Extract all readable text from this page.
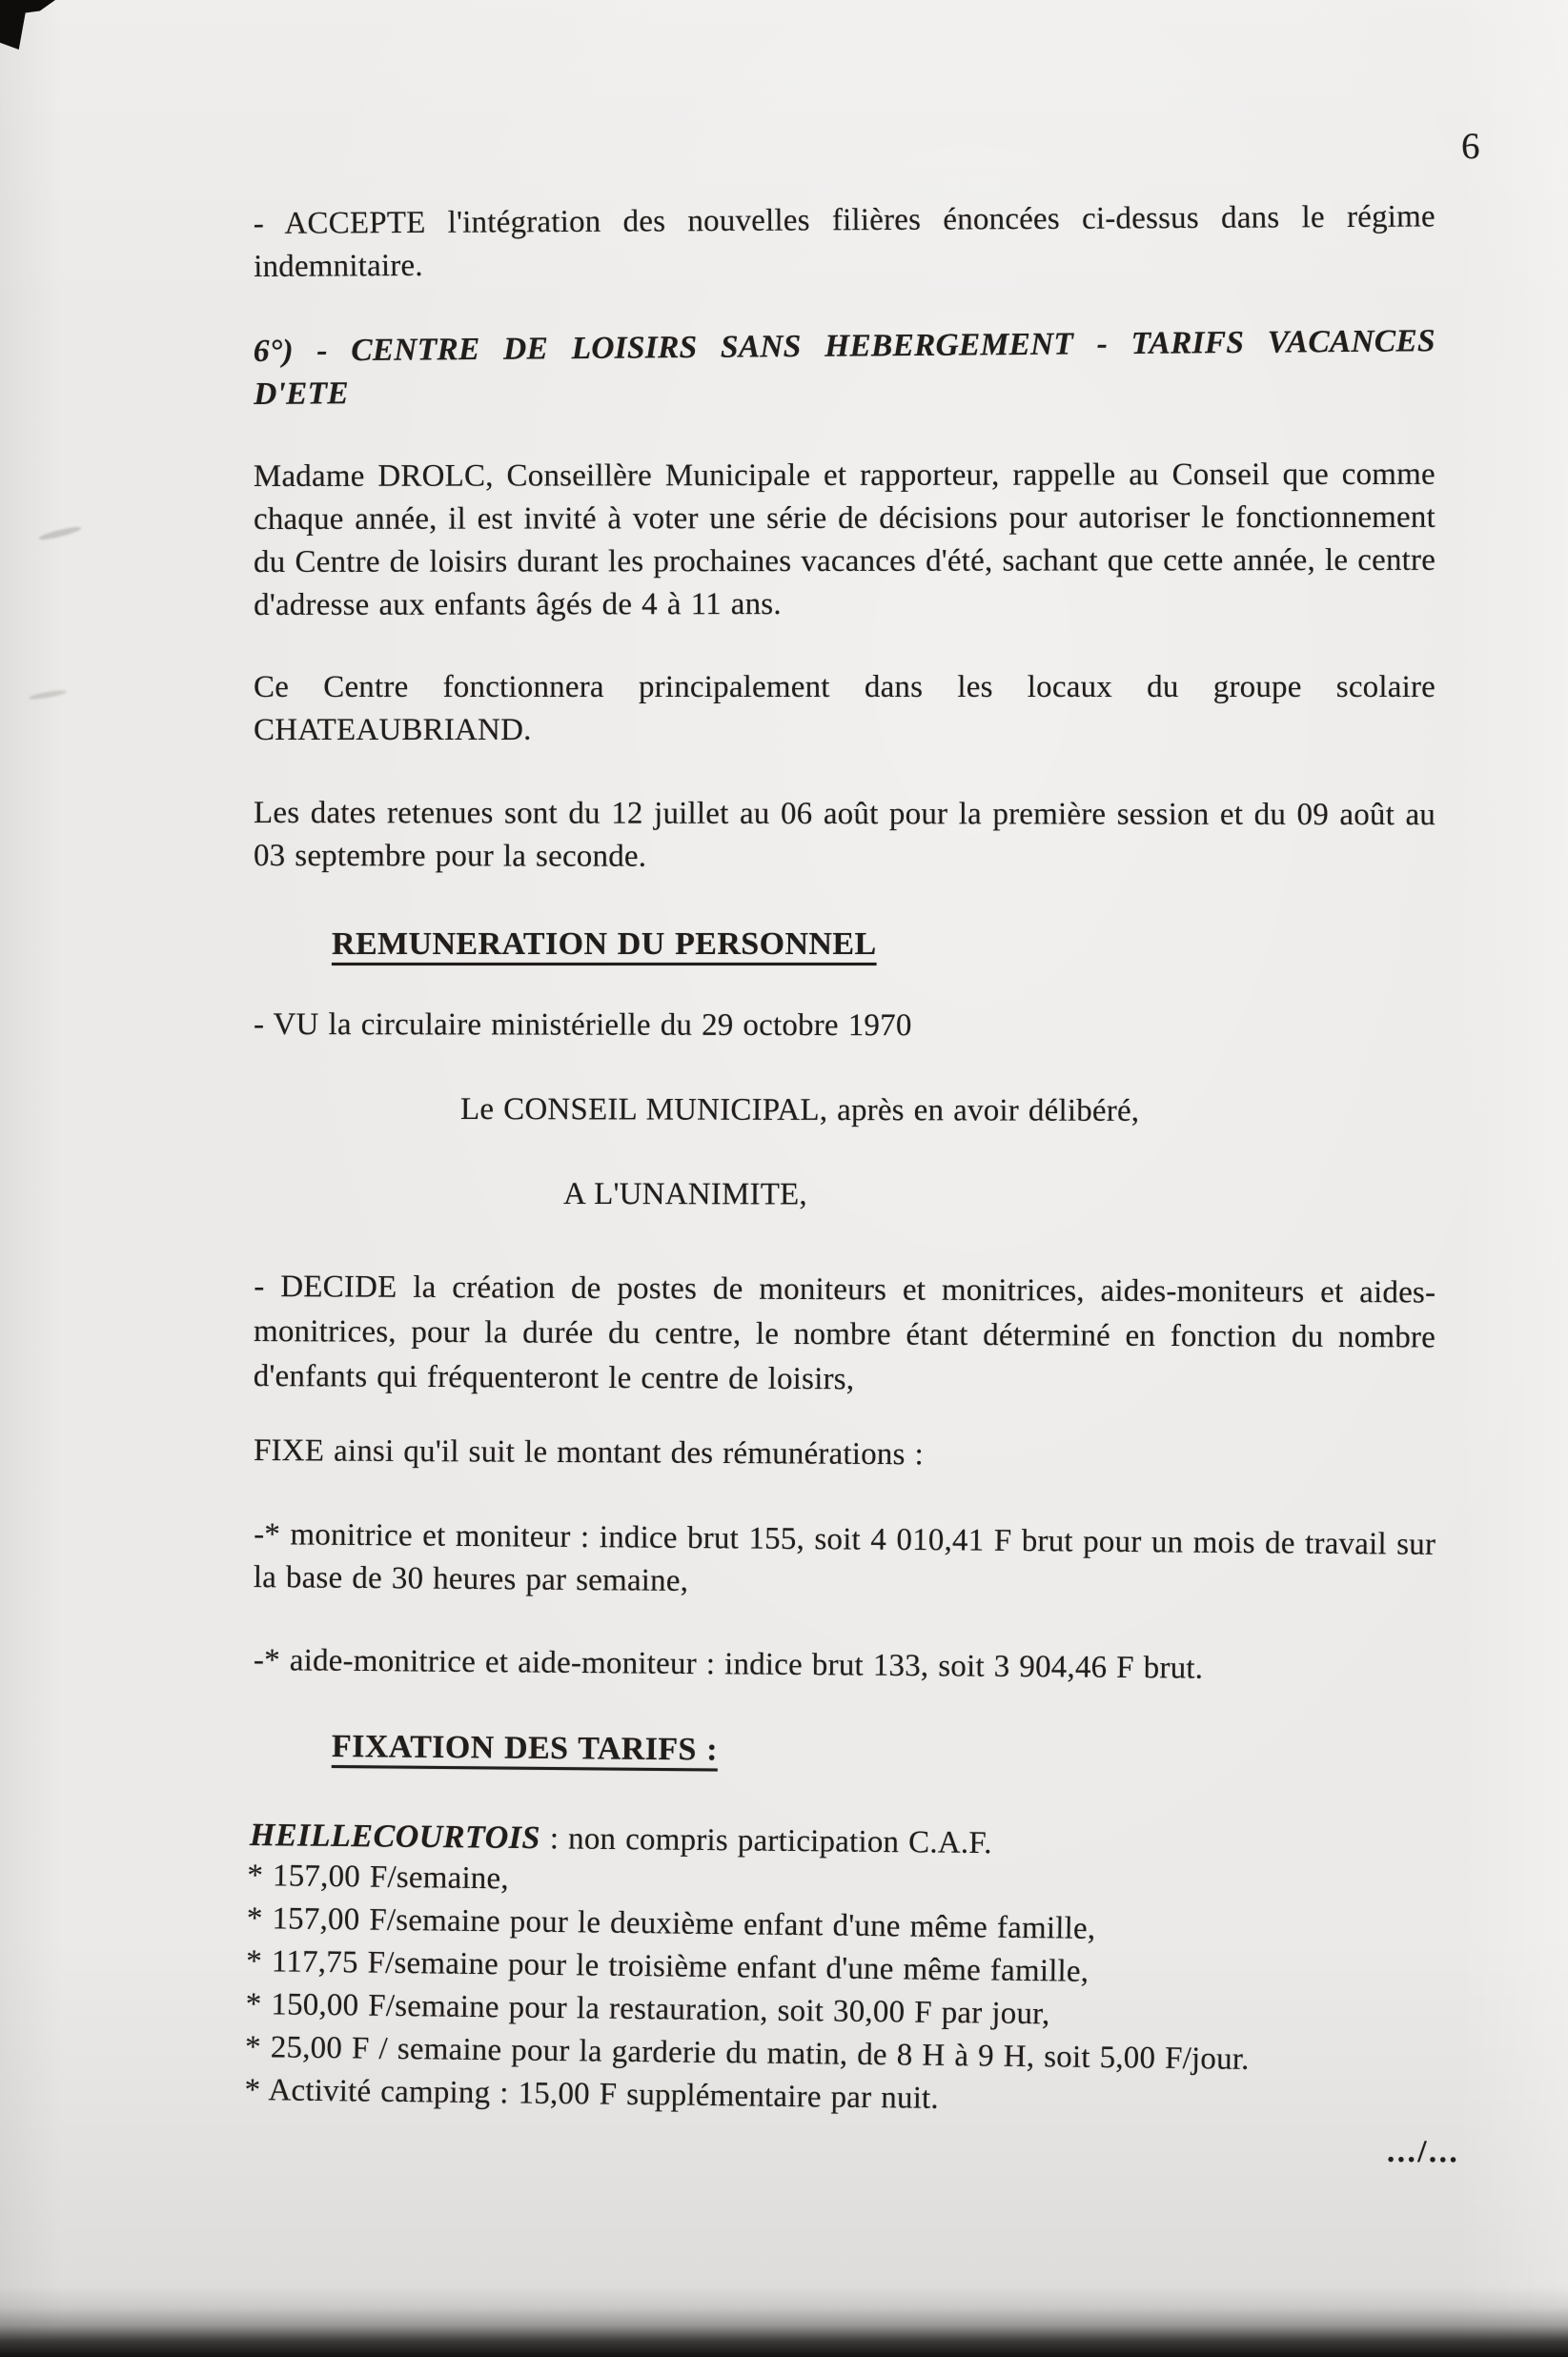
6

- ACCEPTE l'intégration des nouvelles filières énoncées ci-dessus dans le régime indemnitaire.

6°) - CENTRE DE LOISIRS SANS HEBERGEMENT - TARIFS VACANCES
D'ETE

Madame DROLC, Conseillère Municipale et rapporteur, rappelle au Conseil que comme chaque année, il est invité à voter une série de décisions pour autoriser le fonctionnement du Centre de loisirs durant les prochaines vacances d'été, sachant que cette année, le centre d'adresse aux enfants âgés de 4 à 11 ans.

Ce Centre fonctionnera principalement dans les locaux du groupe scolaire CHATEAUBRIAND.

Les dates retenues sont du 12 juillet au 06 août pour la première session et du 09 août au 03 septembre pour la seconde.

REMUNERATION DU PERSONNEL

- VU la circulaire ministérielle du 29 octobre 1970

Le CONSEIL MUNICIPAL, après en avoir délibéré,

A L'UNANIMITE,

- DECIDE la création de postes de moniteurs et monitrices, aides-moniteurs et aides-monitrices, pour la durée du centre, le nombre étant déterminé en fonction du nombre d'enfants qui fréquenteront le centre de loisirs,

FIXE ainsi qu'il suit le montant des rémunérations :

-* monitrice et moniteur : indice brut 155, soit 4 010,41 F brut pour un mois de travail sur la base de 30 heures par semaine,

-* aide-monitrice et aide-moniteur : indice brut 133, soit 3 904,46 F brut.

FIXATION DES TARIFS :

HEILLECOURTOIS : non compris participation C.A.F.

* 157,00 F/semaine,
* 157,00 F/semaine pour le deuxième enfant d'une même famille,
* 117,75 F/semaine pour le troisième enfant d'une même famille,
* 150,00 F/semaine pour la restauration, soit 30,00 F par jour,
* 25,00 F / semaine pour la garderie du matin, de 8 H à 9 H, soit 5,00 F/jour.
* Activité camping : 15,00 F supplémentaire par nuit.
.../...
